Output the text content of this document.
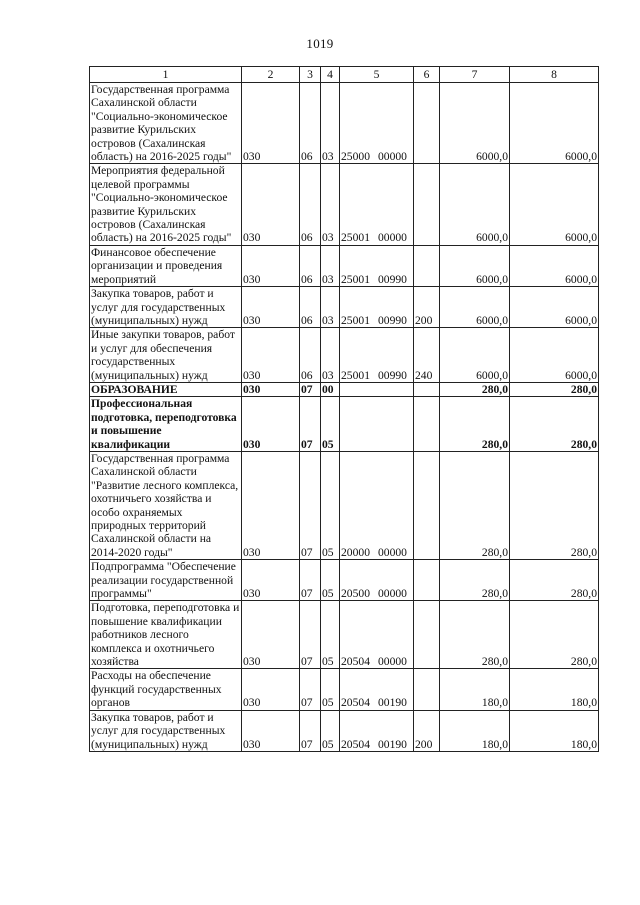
1019
1	2	3	4	5	6	7	8
Государственная программа Сахалинской области "Социально-экономическое развитие Курильских островов (Сахалинская область) на 2016-2025 годы"	030	06	03	25000 00000		6000,0	6000,0
Мероприятия федеральной целевой программы "Социально-экономическое развитие Курильских островов (Сахалинская область) на 2016-2025 годы"	030	06	03	25001 00000		6000,0	6000,0
Финансовое обеспечение организации и проведения мероприятий	030	06	03	25001 00990		6000,0	6000,0
Закупка товаров, работ и услуг для государственных (муниципальных) нужд	030	06	03	25001 00990	200	6000,0	6000,0
Иные закупки товаров, работ и услуг для обеспечения государственных (муниципальных) нужд	030	06	03	25001 00990	240	6000,0	6000,0
ОБРАЗОВАНИЕ	030	07	00			280,0	280,0
Профессиональная подготовка, переподготовка и повышение квалификации	030	07	05			280,0	280,0
Государственная программа Сахалинской области "Развитие лесного комплекса, охотничьего хозяйства и особо охраняемых природных территорий Сахалинской области на 2014-2020 годы"	030	07	05	20000 00000		280,0	280,0
Подпрограмма "Обеспечение реализации государственной программы"	030	07	05	20500 00000		280,0	280,0
Подготовка, переподготовка и повышение квалификации работников лесного комплекса и охотничьего хозяйства	030	07	05	20504 00000		280,0	280,0
Расходы на обеспечение функций государственных органов	030	07	05	20504 00190		180,0	180,0
Закупка товаров, работ и услуг для государственных (муниципальных) нужд	030	07	05	20504 00190	200	180,0	180,0
